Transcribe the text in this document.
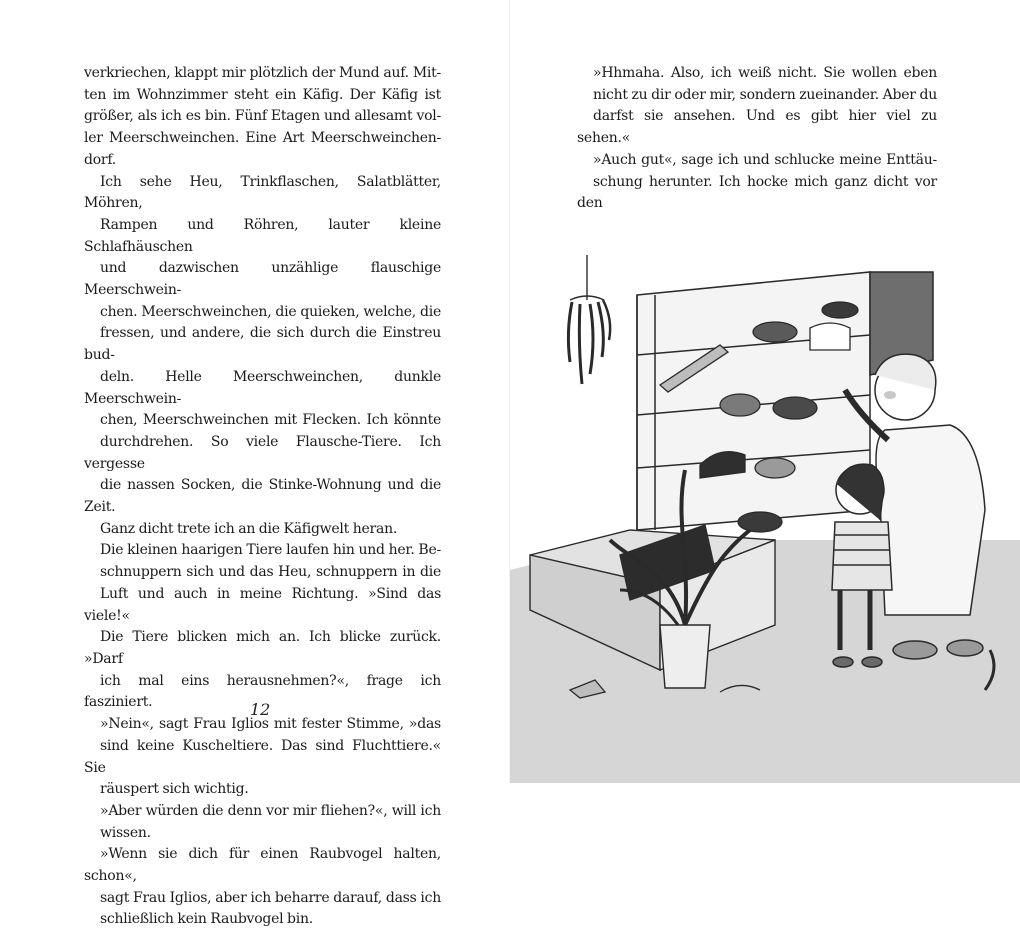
verkriechen, klappt mir plötzlich der Mund auf. Mit-
ten im Wohnzimmer steht ein Käfig. Der Käfig ist
größer, als ich es bin. Fünf Etagen und allesamt vol-
ler Meerschweinchen. Eine Art Meerschweinchen-
dorf.

Ich sehe Heu, Trinkflaschen, Salatblätter, Möhren,
Rampen und Röhren, lauter kleine Schlafhäuschen
und dazwischen unzählige flauschige Meerschwein-
chen. Meerschweinchen, die quieken, welche, die
fressen, und andere, die sich durch die Einstreu bud-
deln. Helle Meerschweinchen, dunkle Meerschwein-
chen, Meerschweinchen mit Flecken. Ich könnte
durchdrehen. So viele Flausche-Tiere. Ich vergesse
die nassen Socken, die Stinke-Wohnung und die Zeit.
Ganz dicht trete ich an die Käfigwelt heran.

Die kleinen haarigen Tiere laufen hin und her. Be-
schnuppern sich und das Heu, schnuppern in die
Luft und auch in meine Richtung. »Sind das viele!«
Die Tiere blicken mich an. Ich blicke zurück. »Darf
ich mal eins herausnehmen?«, frage ich fasziniert.

»Nein«, sagt Frau Iglios mit fester Stimme, »das
sind keine Kuscheltiere. Das sind Fluchttiere.« Sie
räuspert sich wichtig.

»Aber würden die denn vor mir fliehen?«, will ich
wissen.

»Wenn sie dich für einen Raubvogel halten, schon«,
sagt Frau Iglios, aber ich beharre darauf, dass ich
schließlich kein Raubvogel bin.

12

»Hhmaha. Also, ich weiß nicht. Sie wollen eben
nicht zu dir oder mir, sondern zueinander. Aber du
darfst sie ansehen. Und es gibt hier viel zu sehen.«

»Auch gut«, sage ich und schlucke meine Enttäu-
schung herunter. Ich hocke mich ganz dicht vor den
